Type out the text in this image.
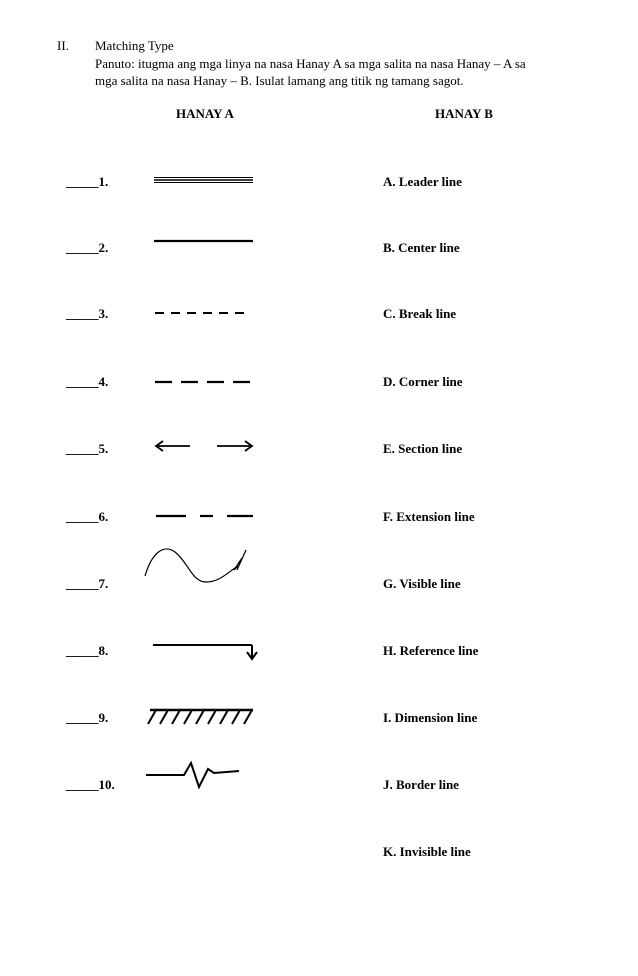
II. Matching Type
Panuto: itugma ang mga linya na nasa Hanay A sa mga salita na nasa Hanay – A sa
mga salita na nasa Hanay – B. Isulat lamang ang titik ng tamang sagot.
HANAY A	HANAY B
_____1.
_____2.
_____3.
_____4.
_____5.
_____6.
_____7.
_____8.
_____9.
_____10.
A. Leader line
B. Center line
C. Break line
D. Corner line
E. Section line
F. Extension line
G. Visible line
H. Reference line
I. Dimension line
J. Border line
K. Invisible line
